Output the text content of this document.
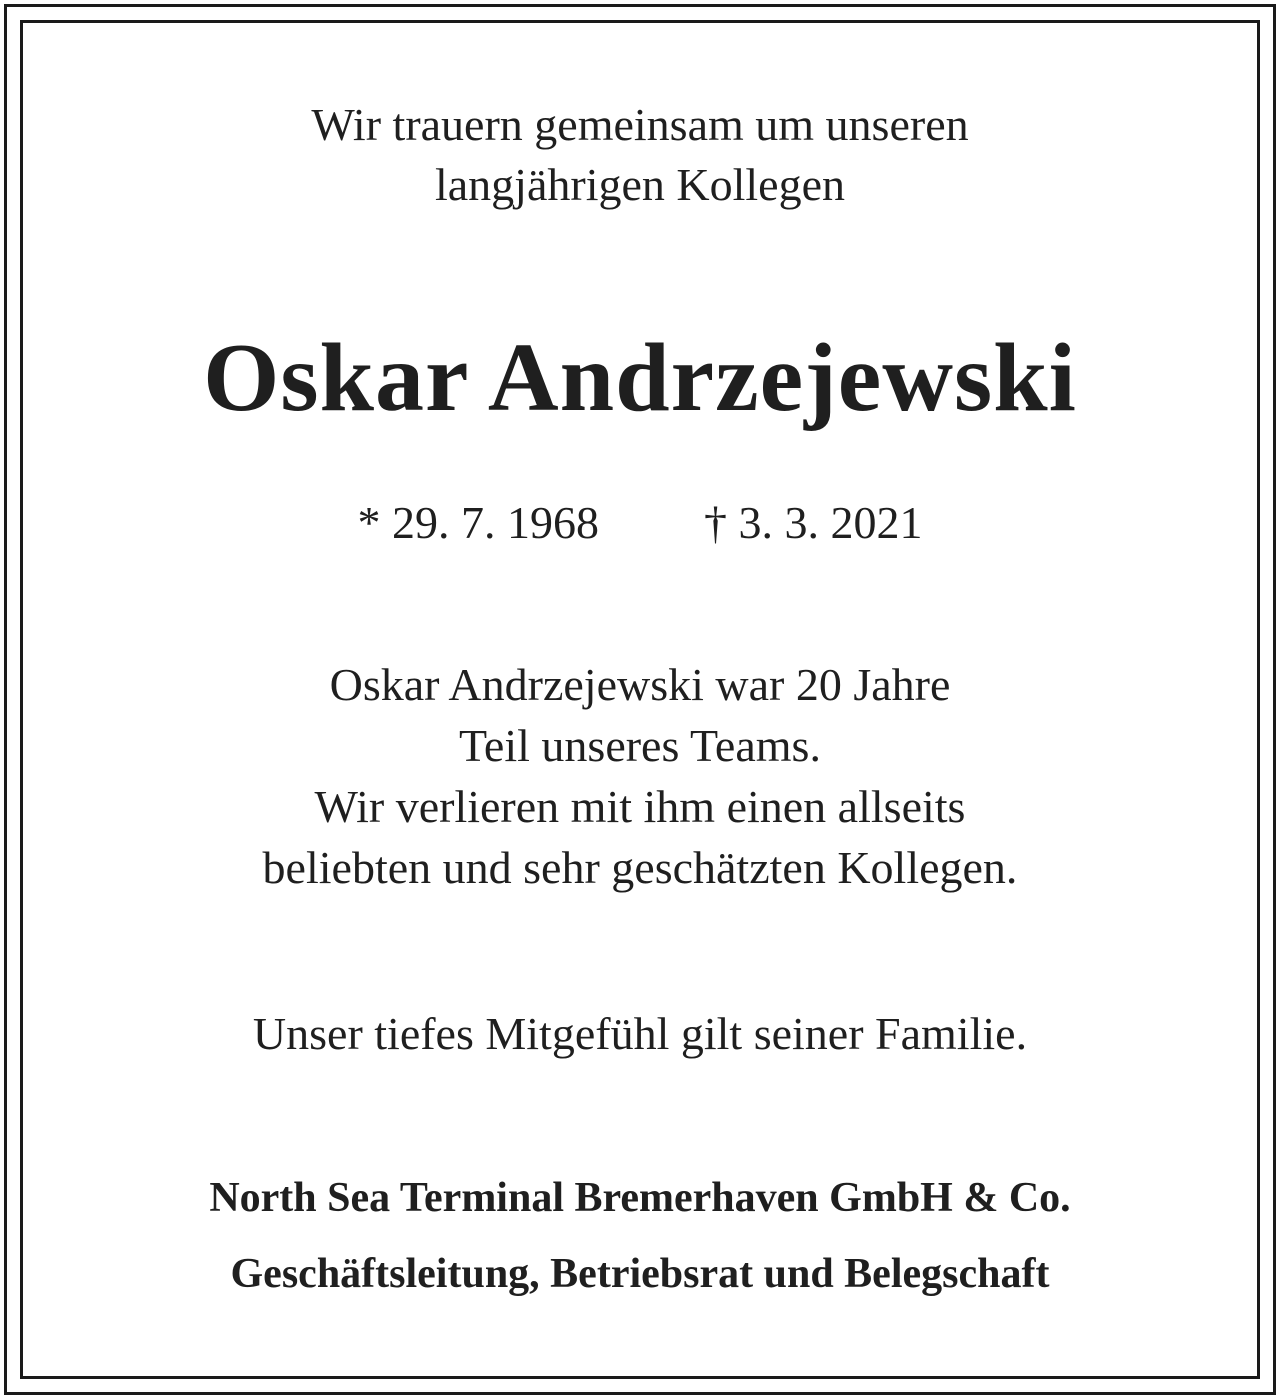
Wir trauern gemeinsam um unseren
langjährigen Kollegen
Oskar Andrzejewski
* 29. 7. 1968 † 3. 3. 2021
Oskar Andrzejewski war 20 Jahre
Teil unseres Teams.
Wir verlieren mit ihm einen allseits
beliebten und sehr geschätzten Kollegen.
Unser tiefes Mitgefühl gilt seiner Familie.
North Sea Terminal Bremerhaven GmbH & Co.
Geschäftsleitung, Betriebsrat und Belegschaft
